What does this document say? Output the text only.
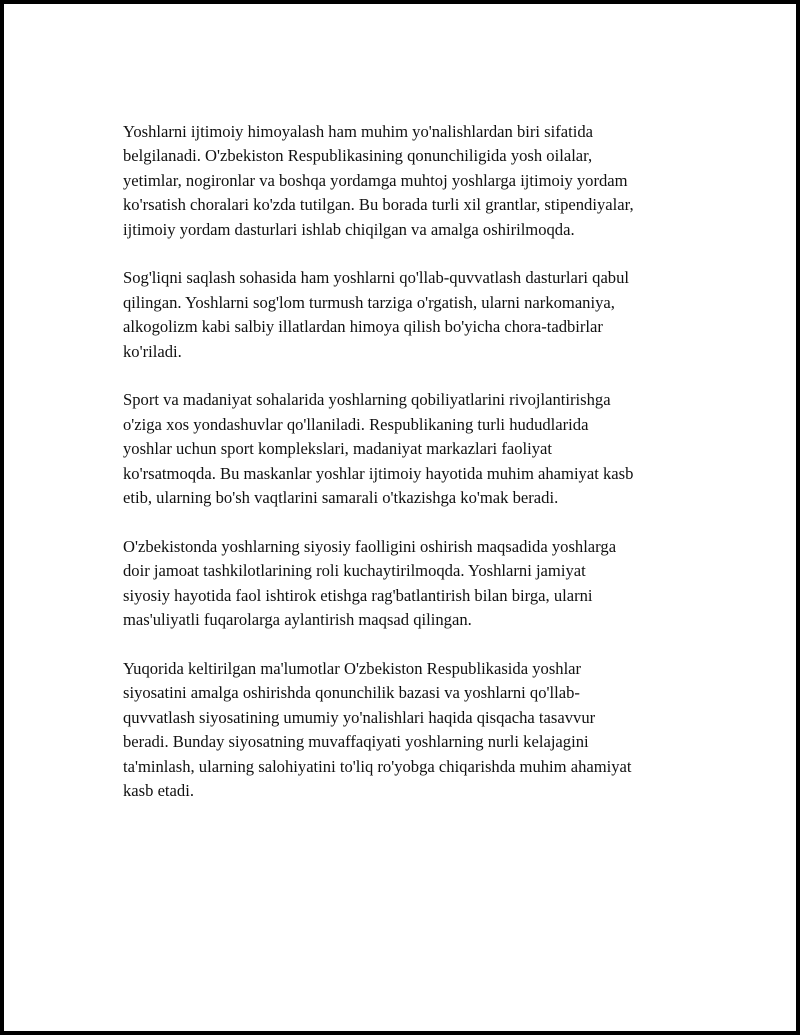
Yoshlarni ijtimoiy himoyalash ham muhim yo'nalishlardan biri sifatida
belgilanadi. O'zbekiston Respublikasining qonunchiligida yosh oilalar,
yetimlar, nogironlar va boshqa yordamga muhtoj yoshlarga ijtimoiy yordam
ko'rsatish choralari ko'zda tutilgan. Bu borada turli xil grantlar, stipendiyalar,
ijtimoiy yordam dasturlari ishlab chiqilgan va amalga oshirilmoqda.

Sog'liqni saqlash sohasida ham yoshlarni qo'llab-quvvatlash dasturlari qabul
qilingan. Yoshlarni sog'lom turmush tarziga o'rgatish, ularni narkomaniya,
alkogolizm kabi salbiy illatlardan himoya qilish bo'yicha chora-tadbirlar
ko'riladi.

Sport va madaniyat sohalarida yoshlarning qobiliyatlarini rivojlantirishga
o'ziga xos yondashuvlar qo'llaniladi. Respublikaning turli hududlarida
yoshlar uchun sport komplekslari, madaniyat markazlari faoliyat
ko'rsatmoqda. Bu maskanlar yoshlar ijtimoiy hayotida muhim ahamiyat kasb
etib, ularning bo'sh vaqtlarini samarali o'tkazishga ko'mak beradi.

O'zbekistonda yoshlarning siyosiy faolligini oshirish maqsadida yoshlarga
doir jamoat tashkilotlarining roli kuchaytirilmoqda. Yoshlarni jamiyat
siyosiy hayotida faol ishtirok etishga rag'batlantirish bilan birga, ularni
mas'uliyatli fuqarolarga aylantirish maqsad qilingan.

Yuqorida keltirilgan ma'lumotlar O'zbekiston Respublikasida yoshlar
siyosatini amalga oshirishda qonunchilik bazasi va yoshlarni qo'llab-
quvvatlash siyosatining umumiy yo'nalishlari haqida qisqacha tasavvur
beradi. Bunday siyosatning muvaffaqiyati yoshlarning nurli kelajagini
ta'minlash, ularning salohiyatini to'liq ro'yobga chiqarishda muhim ahamiyat
kasb etadi.
